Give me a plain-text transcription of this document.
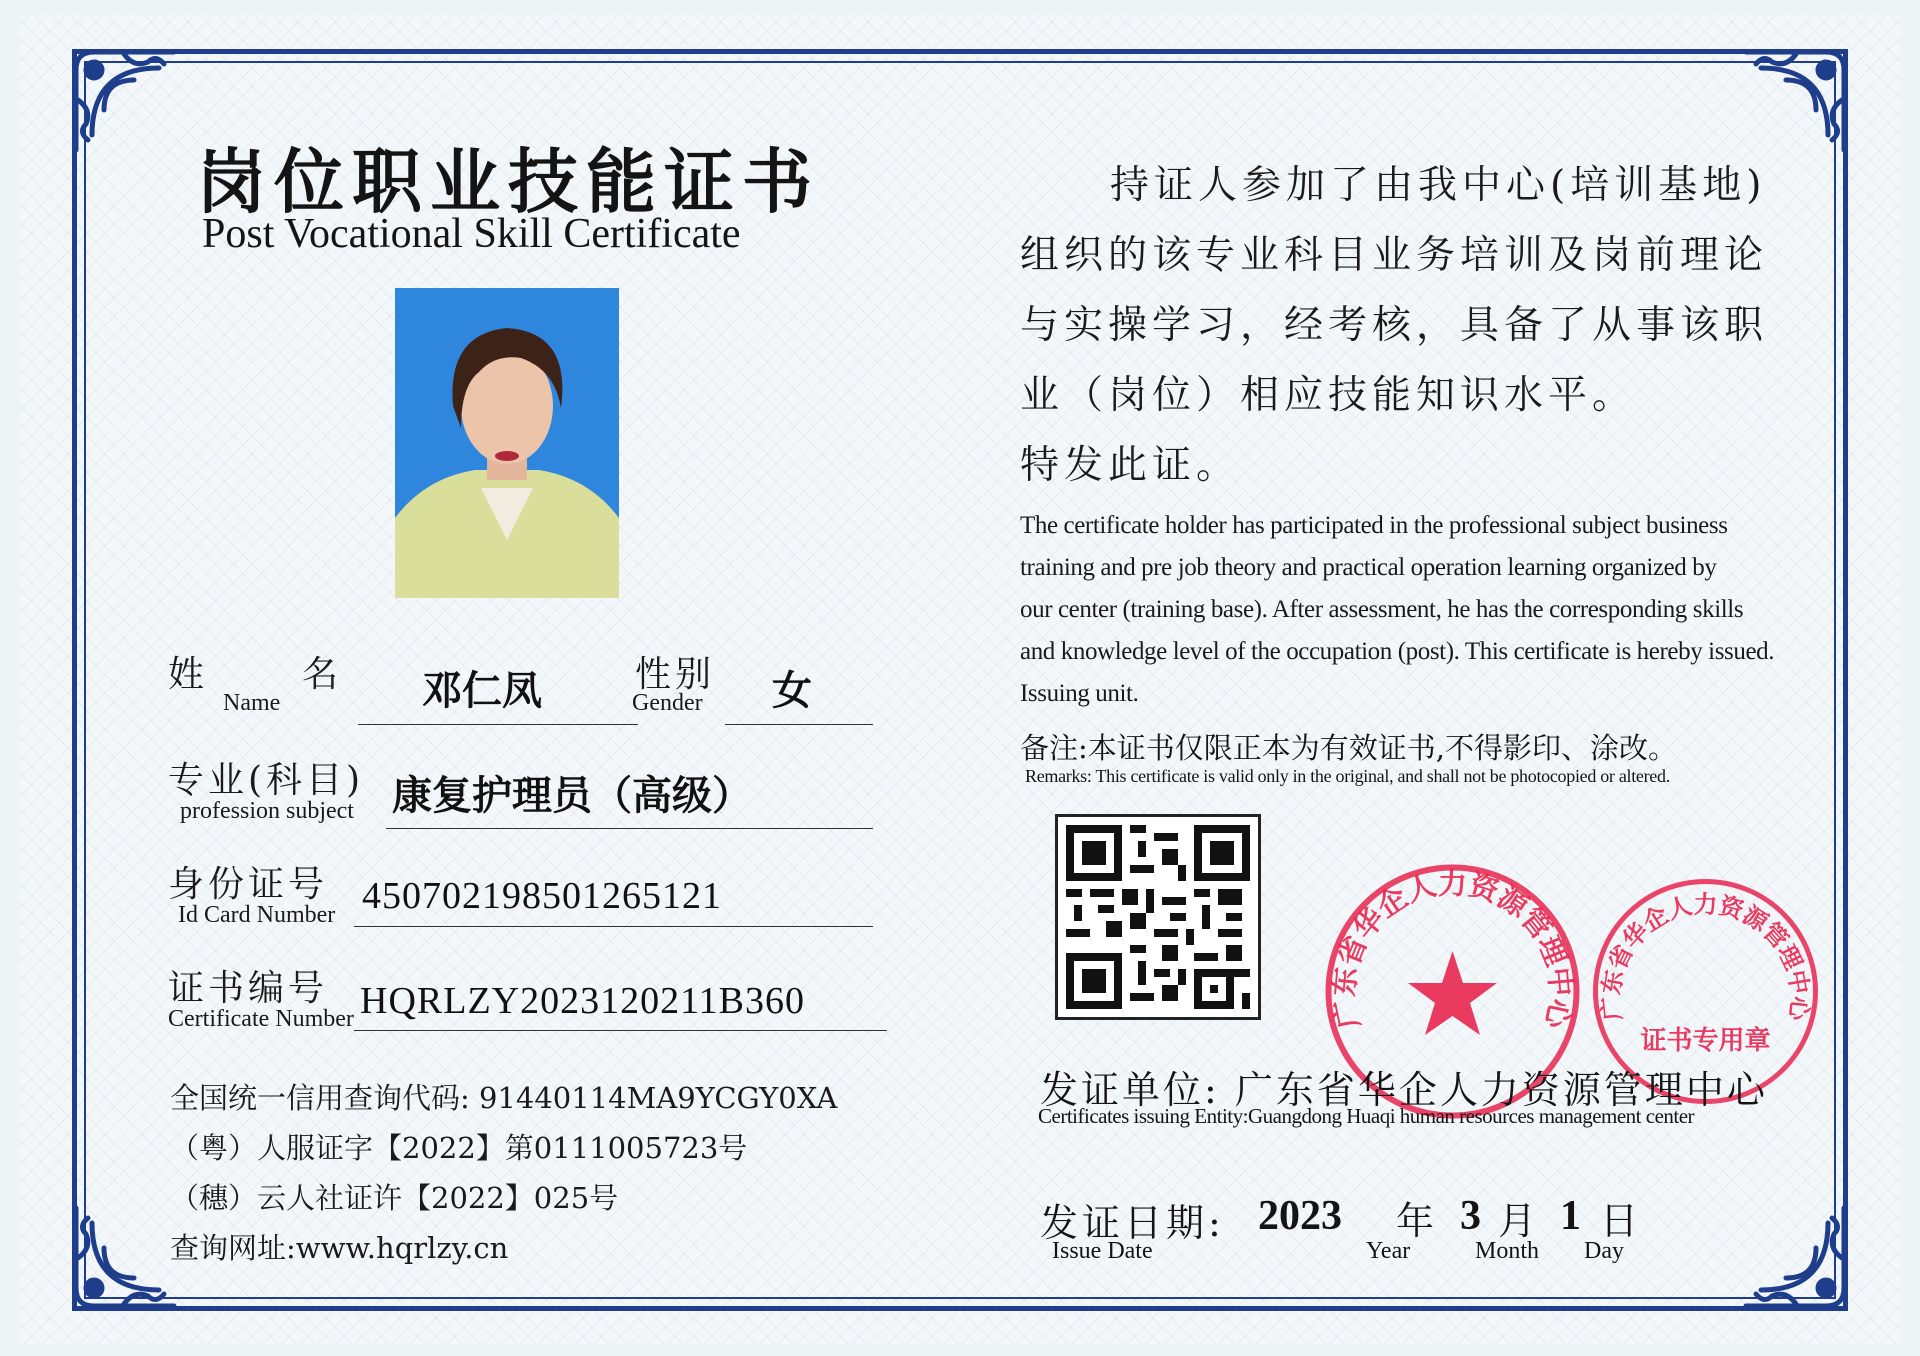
岗位职业技能证书
Post Vocational Skill Certificate
姓	名
Name	邓仁凤	性别
Gender 女
专业(科目)
profession subject 康复护理员（高级）
身份证号
Id Card Number 450702198501265121
证书编号
Certificate Number HQRLZY2023120211B360
全国统一信用查询代码: 91440114MA9YCGY0XA
（粤）人服证字【2022】第0111005723号
（穗）云人社证许【2022】025号
查询网址:www.hqrlzy.cn
持证人参加了由我中心(培训基地)
组织的该专业科目业务培训及岗前理论
与实操学习，经考核，具备了从事该职
业（岗位）相应技能知识水平。
特发此证。
The certificate holder has participated in the professional subject business
training and pre job theory and practical operation learning organized by
our center (training base). After assessment, he has the corresponding skills
and knowledge level of the occupation (post). This certificate is hereby issued.
Issuing unit.
备注:本证书仅限正本为有效证书,不得影印、涂改。
Remarks: This certificate is valid only in the original, and shall not be photocopied or altered.
广东省华企人力资源管理中心 广东省华企人力资源管理中心
证书专用章
发证单位: 广东省华企人力资源管理中心
Certificates issuing Entity:Guangdong Huaqi human resources management center
发证日期:
Issue Date
2023 年
Year
3 月
Month
1 日
Day
